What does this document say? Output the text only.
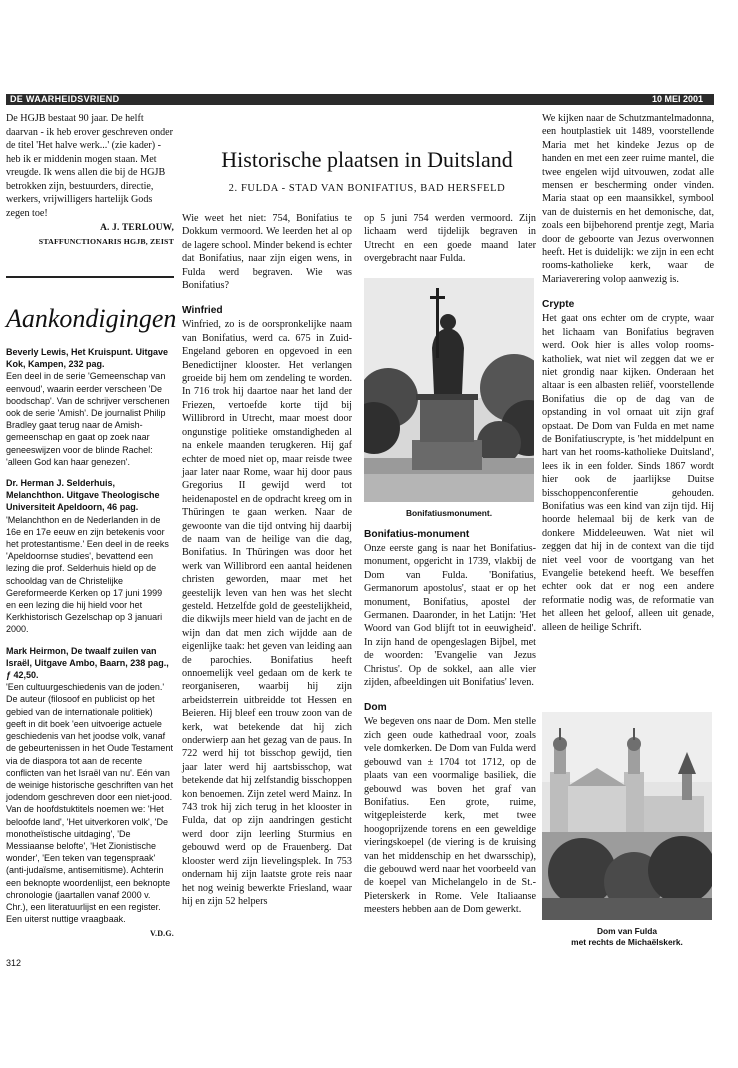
DE WAARHEIDSVRIEND	10 MEI 2001

De HGJB bestaat 90 jaar. De helft daarvan - ik heb erover geschreven onder de titel 'Het halve werk...' (zie kader) - heb ik er middenin mogen staan. Met vreugde. Ik wens allen die bij de HGJB betrokken zijn, bestuurders, directie, werkers, vrijwilligers hartelijk Gods zegen toe!

A. J. TERLOUW,

STAFFUNCTIONARIS HGJB, ZEIST

Aankondigingen
Beverly Lewis, Het Kruispunt. Uitgave Kok, Kampen, 232 pag.
Een deel in de serie 'Gemeenschap van eenvoud', waarin eerder verscheen 'De boodschap'. Van de schrijver verschenen ook de serie 'Amish'. De journalist Philip Bradley gaat terug naar de Amish-gemeenschap en gaat op zoek naar geneeswijzen voor de blinde Rachel: 'alleen God kan haar genezen'.
Dr. Herman J. Selderhuis, Melanchthon. Uitgave Theologische Universiteit Apeldoorn, 46 pag.
'Melanchthon en de Nederlanden in de 16e en 17e eeuw en zijn betekenis voor het protestantisme.' Een deel in de reeks 'Apeldoornse studies', bevattend een lezing die prof. Selderhuis hield op de schooldag van de Christelijke Gereformeerde Kerken op 17 juni 1999 en een lezing die hij hield voor het Kerkhistorisch Gezelschap op 3 januari 2000.
Mark Heirmon, De twaalf zuilen van Israël, Uitgave Ambo, Baarn, 238 pag., ƒ 42,50.
'Een cultuurgeschiedenis van de joden.' De auteur (filosoof en publicist op het gebied van de internationale politiek) geeft in dit boek 'een uitvoerige actuele geschiedenis van het joodse volk, vanaf de gebeurtenissen in het Oude Testament via de diaspora tot aan de recente conflicten van het Israël van nu'. Eén van de weinige historische geschriften van het jodendom geschreven door een niet-jood. Van de hoofdstuktitels noemen we: 'Het beloofde land', 'Het uitverkoren volk', 'De monotheïstische uitdaging', 'De Messiaanse belofte', 'Het Zionistische wonder', 'Een teken van tegenspraak' (anti-judaïsme, antisemitisme). Achterin een beknopte woordenlijst, een beknopte chronologie (jaartallen vanaf 2000 v. Chr.), een literatuurlijst en een register. Een uiterst nuttige vraagbaak.

V.D.G.

312
Historische plaatsen in Duitsland
2. FULDA - STAD VAN BONIFATIUS, BAD HERSFELD

Wie weet het niet: 754, Bonifatius te Dokkum vermoord. We leerden het al op de lagere school. Minder bekend is echter dat Bonifatius, naar zijn eigen wens, in Fulda werd begraven. Wie was Bonifatius?

Winfried

Winfried, zo is de oorspronkelijke naam van Bonifatius, werd ca. 675 in Zuid-Engeland geboren en opgevoed in een Benedictijner klooster. Het verlangen groeide bij hem om zendeling te worden. In 716 trok hij daartoe naar het land der Friezen, vertoefde korte tijd bij Willibrord in Utrecht, maar moest door ongunstige politieke omstandigheden al na enkele maanden terugkeren. Hij gaf echter de moed niet op, maar reisde twee jaar later naar Rome, waar hij door paus Gregorius II gewijd werd tot heidenapostel en de opdracht kreeg om in Thüringen te gaan werken. Naar de gewoonte van die tijd ontving hij daarbij de naam van de heilige van die dag, Bonifatius. In Thüringen was door het werk van Willibrord een aantal heidenen christen geworden, maar met het geestelijk leven van hen was het slecht gesteld. Hetzelfde gold de geestelijkheid, die dikwijls meer hield van de jacht en de wijn dan dat men zich wijdde aan de eigenlijke taak: het geven van leiding aan de parochies. Bonifatius heeft onnoemelijk veel gedaan om de kerk te reorganiseren, waarbij hij zijn arbeidsterrein uitbreidde tot Hessen en Beieren. Hij bleef een trouw zoon van de kerk, wat betekende dat hij zich onderwierp aan het gezag van de paus. In 722 werd hij tot bisschop gewijd, tien jaar later werd hij aartsbisschop, wat betekende dat hij zelfstandig bisschoppen kon benoemen. Zijn zetel werd Mainz. In 743 trok hij zich terug in het klooster in Fulda, dat op zijn aandringen gesticht werd door zijn leerling Sturmius en gebouwd werd op de Frauenberg. Dat klooster werd zijn lievelingsplek. In 753 ondernam hij zijn laatste grote reis naar het nog weinig bewerkte Friesland, waar hij en zijn 52 helpers

op 5 juni 754 werden vermoord. Zijn lichaam werd tijdelijk begraven in Utrecht en een goede maand later overgebracht naar Fulda.

Bonifatiusmonument.

Bonifatius-monument

Onze eerste gang is naar het Bonifatius-monument, opgericht in 1739, vlakbij de Dom van Fulda. 'Bonifatius, Germanorum apostolus', staat er op het monument, Bonifatius, apostel der Germanen. Daaronder, in het Latijn: 'Het Woord van God blijft tot in eeuwigheid'. In zijn hand de opengeslagen Bijbel, met de woorden: 'Evangelie van Jezus Christus'. Op de sokkel, aan alle vier zijden, afbeeldingen uit Bonifatius' leven.

Dom

We begeven ons naar de Dom. Men stelle zich geen oude kathedraal voor, zoals vele domkerken. De Dom van Fulda werd gebouwd van ± 1704 tot 1712, op de plaats van een voormalige basiliek, die gebouwd was boven het graf van Bonifatius. Een grote, ruime, witgepleisterde kerk, met twee hoogoprijzende torens en een geweldige vieringskoepel (de viering is de kruising van het middenschip en het dwarsschip), die gebouwd werd naar het voorbeeld van de koepel van Michelangelo in de St.-Pieterskerk in Rome. Vele Italiaanse meesters hebben aan de Dom gewerkt.

We kijken naar de Schutzmantelmadonna, een houtplastiek uit 1489, voorstellende Maria met het kindeke Jezus op de handen en met een zeer ruime mantel, die twee engelen wijd uitvouwen, zodat alle mensen er bescherming onder vinden. Maria staat op een maansikkel, symbool van de duisternis en het demonische, dat, zoals een bijbehorend prentje zegt, Maria door de geboorte van Jezus overwonnen heeft. Het is duidelijk: we zijn in een echt rooms-katholieke kerk, waar de Mariaverering volop aanwezig is.

Crypte

Het gaat ons echter om de crypte, waar het lichaam van Bonifatius begraven werd. Ook hier is alles volop rooms-katholiek, wat niet wil zeggen dat we er niet grondig naar kijken. Onderaan het altaar is een albasten reliëf, voorstellende Bonifatius die op de dag van de opstanding in vol ornaat uit zijn graf opstaat. De Dom van Fulda en met name de Bonifatiuscrypte, is 'het middelpunt en hart van het rooms-katholieke Duitsland', lees ik in een folder. Sinds 1867 wordt hier ook de jaarlijkse Duitse bisschoppenconferentie gehouden. Bonifatius was een kind van zijn tijd. Hij hoorde helemaal bij de kerk van de donkere Middeleeuwen. Wat niet wil zeggen dat hij in de context van die tijd niet veel voor de voortgang van het Evangelie betekend heeft. We beseffen echter ook dat er nog een andere reformatie nodig was, de reformatie van het alleen het geloof, alleen uit genade, alleen de heilige Schrift.

Dom van Fulda

met rechts de Michaëlskerk.
